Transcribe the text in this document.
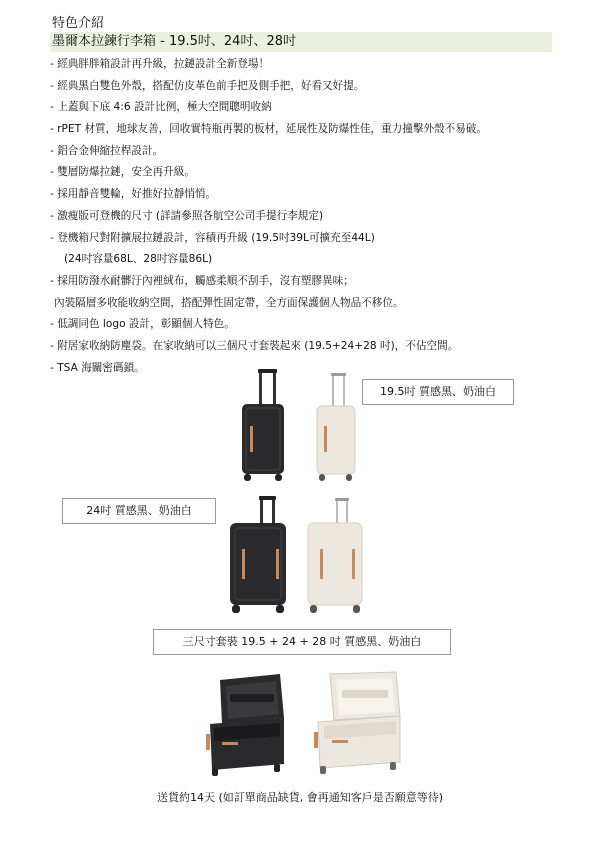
特色介紹
墨爾本拉鍊行李箱 - 19.5吋、24吋、28吋
- 經典胖胖箱設計再升級，拉鏈設計全新登場！
- 經典黑白雙色外殼，搭配仿皮革色前手把及側手把，好看又好提。
- 上蓋與下底 4:6 設計比例，極大空間聰明收納
- rPET 材質，地球友善，回收實特瓶再製的板材，延展性及防爆性佳，重力撞擊外殼不易破。
- 鋁合金伸縮拉桿設計。
- 雙層防爆拉鏈，安全再升級。
- 採用靜音雙輪，好推好拉靜悄悄。
- 激瘦版可登機的尺寸 (詳請參照各航空公司手提行李規定)
- 登機箱尺對附擴展拉鏈設計，容積再升級 (19.5吋39L可擴充至44L)
(24吋容量68L、28吋容量86L)
- 採用防潑水耐髒汙內裡絨布，觸感柔順不刮手，沒有塑膠異味；
內裝隔層多收能收納空間，搭配彈性固定帶，全方面保護個人物品不移位。
- 低調同色 logo 設計，彰顯個人特色。
- 附居家收納防塵袋。在家收納可以三個尺寸套裝起來 (19.5+24+28 吋)，不佔空間。
- TSA 海關密碼鎖。
19.5吋 質感黑、奶油白
24吋 質感黑、奶油白
三尺寸套裝 19.5 + 24 + 28 吋 質感黑、奶油白
送貨約14天 (如訂單商品缺貨, 會再通知客戶是否願意等待)
